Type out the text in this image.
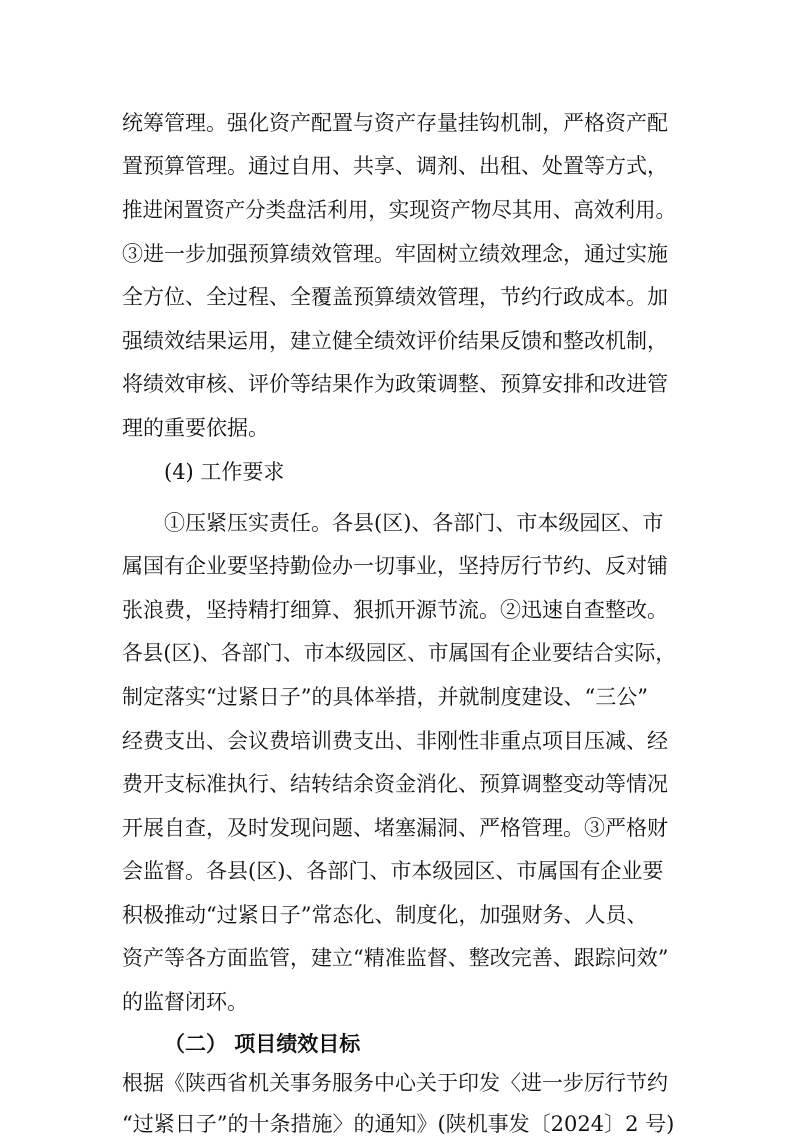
统筹管理。强化资产配置与资产存量挂钩机制，严格资产配
置预算管理。通过自用、共享、调剂、出租、处置等方式，
推进闲置资产分类盘活利用，实现资产物尽其用、高效利用。
③进一步加强预算绩效管理。牢固树立绩效理念，通过实施
全方位、全过程、全覆盖预算绩效管理，节约行政成本。加
强绩效结果运用，建立健全绩效评价结果反馈和整改机制，
将绩效审核、评价等结果作为政策调整、预算安排和改进管
理的重要依据。
(4) 工作要求
①压紧压实责任。各县(区)、各部门、市本级园区、市
属国有企业要坚持勤俭办一切事业，坚持厉行节约、反对铺
张浪费，坚持精打细算、狠抓开源节流。②迅速自查整改。
各县(区)、各部门、市本级园区、市属国有企业要结合实际，
制定落实“过紧日子”的具体举措，并就制度建设、“三公”
经费支出、会议费培训费支出、非刚性非重点项目压减、经
费开支标准执行、结转结余资金消化、预算调整变动等情况
开展自查，及时发现问题、堵塞漏洞、严格管理。③严格财
会监督。各县(区)、各部门、市本级园区、市属国有企业要
积极推动“过紧日子”常态化、制度化，加强财务、人员、
资产等各方面监管，建立“精准监督、整改完善、跟踪问效”
的监督闭环。
（二） 项目绩效目标
根据《陕西省机关事务服务中心关于印发〈进一步厉行节约
“过紧日子”的十条措施〉的通知》(陕机事发〔2024〕2 号)
